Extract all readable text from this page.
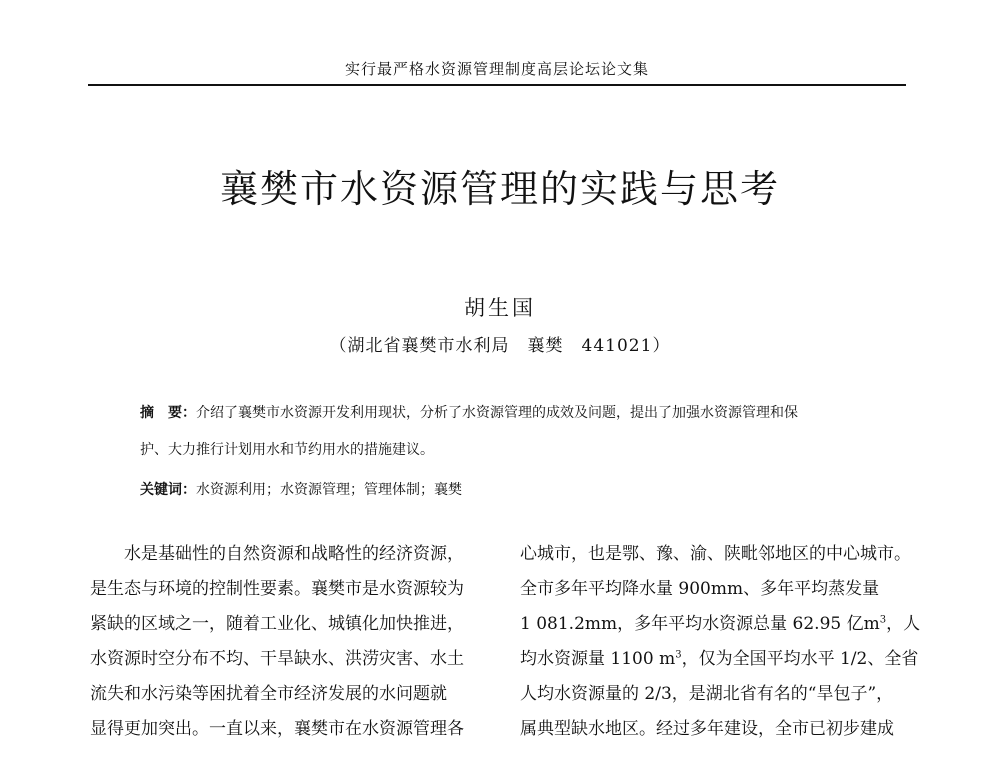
实行最严格水资源管理制度高层论坛论文集
襄樊市水资源管理的实践与思考
胡生国
（湖北省襄樊市水利局　襄樊　441021）
摘　要：介绍了襄樊市水资源开发利用现状，分析了水资源管理的成效及问题，提出了加强水资源管理和保
护、大力推行计划用水和节约用水的措施建议。
关键词：水资源利用；水资源管理；管理体制；襄樊
　　水是基础性的自然资源和战略性的经济资源，
是生态与环境的控制性要素。襄樊市是水资源较为
紧缺的区域之一，随着工业化、城镇化加快推进，
水资源时空分布不均、干旱缺水、洪涝灾害、水土
流失和水污染等困扰着全市经济发展的水问题就
显得更加突出。一直以来，襄樊市在水资源管理各
心城市，也是鄂、豫、渝、陕毗邻地区的中心城市。
全市多年平均降水量 900mm、多年平均蒸发量
1 081.2mm，多年平均水资源总量 62.95 亿$m^3$，人
均水资源量 1100 $m^3$，仅为全国平均水平 1/2、全省
人均水资源量的 2/3，是湖北省有名的“旱包子”，
属典型缺水地区。经过多年建设，全市已初步建成
